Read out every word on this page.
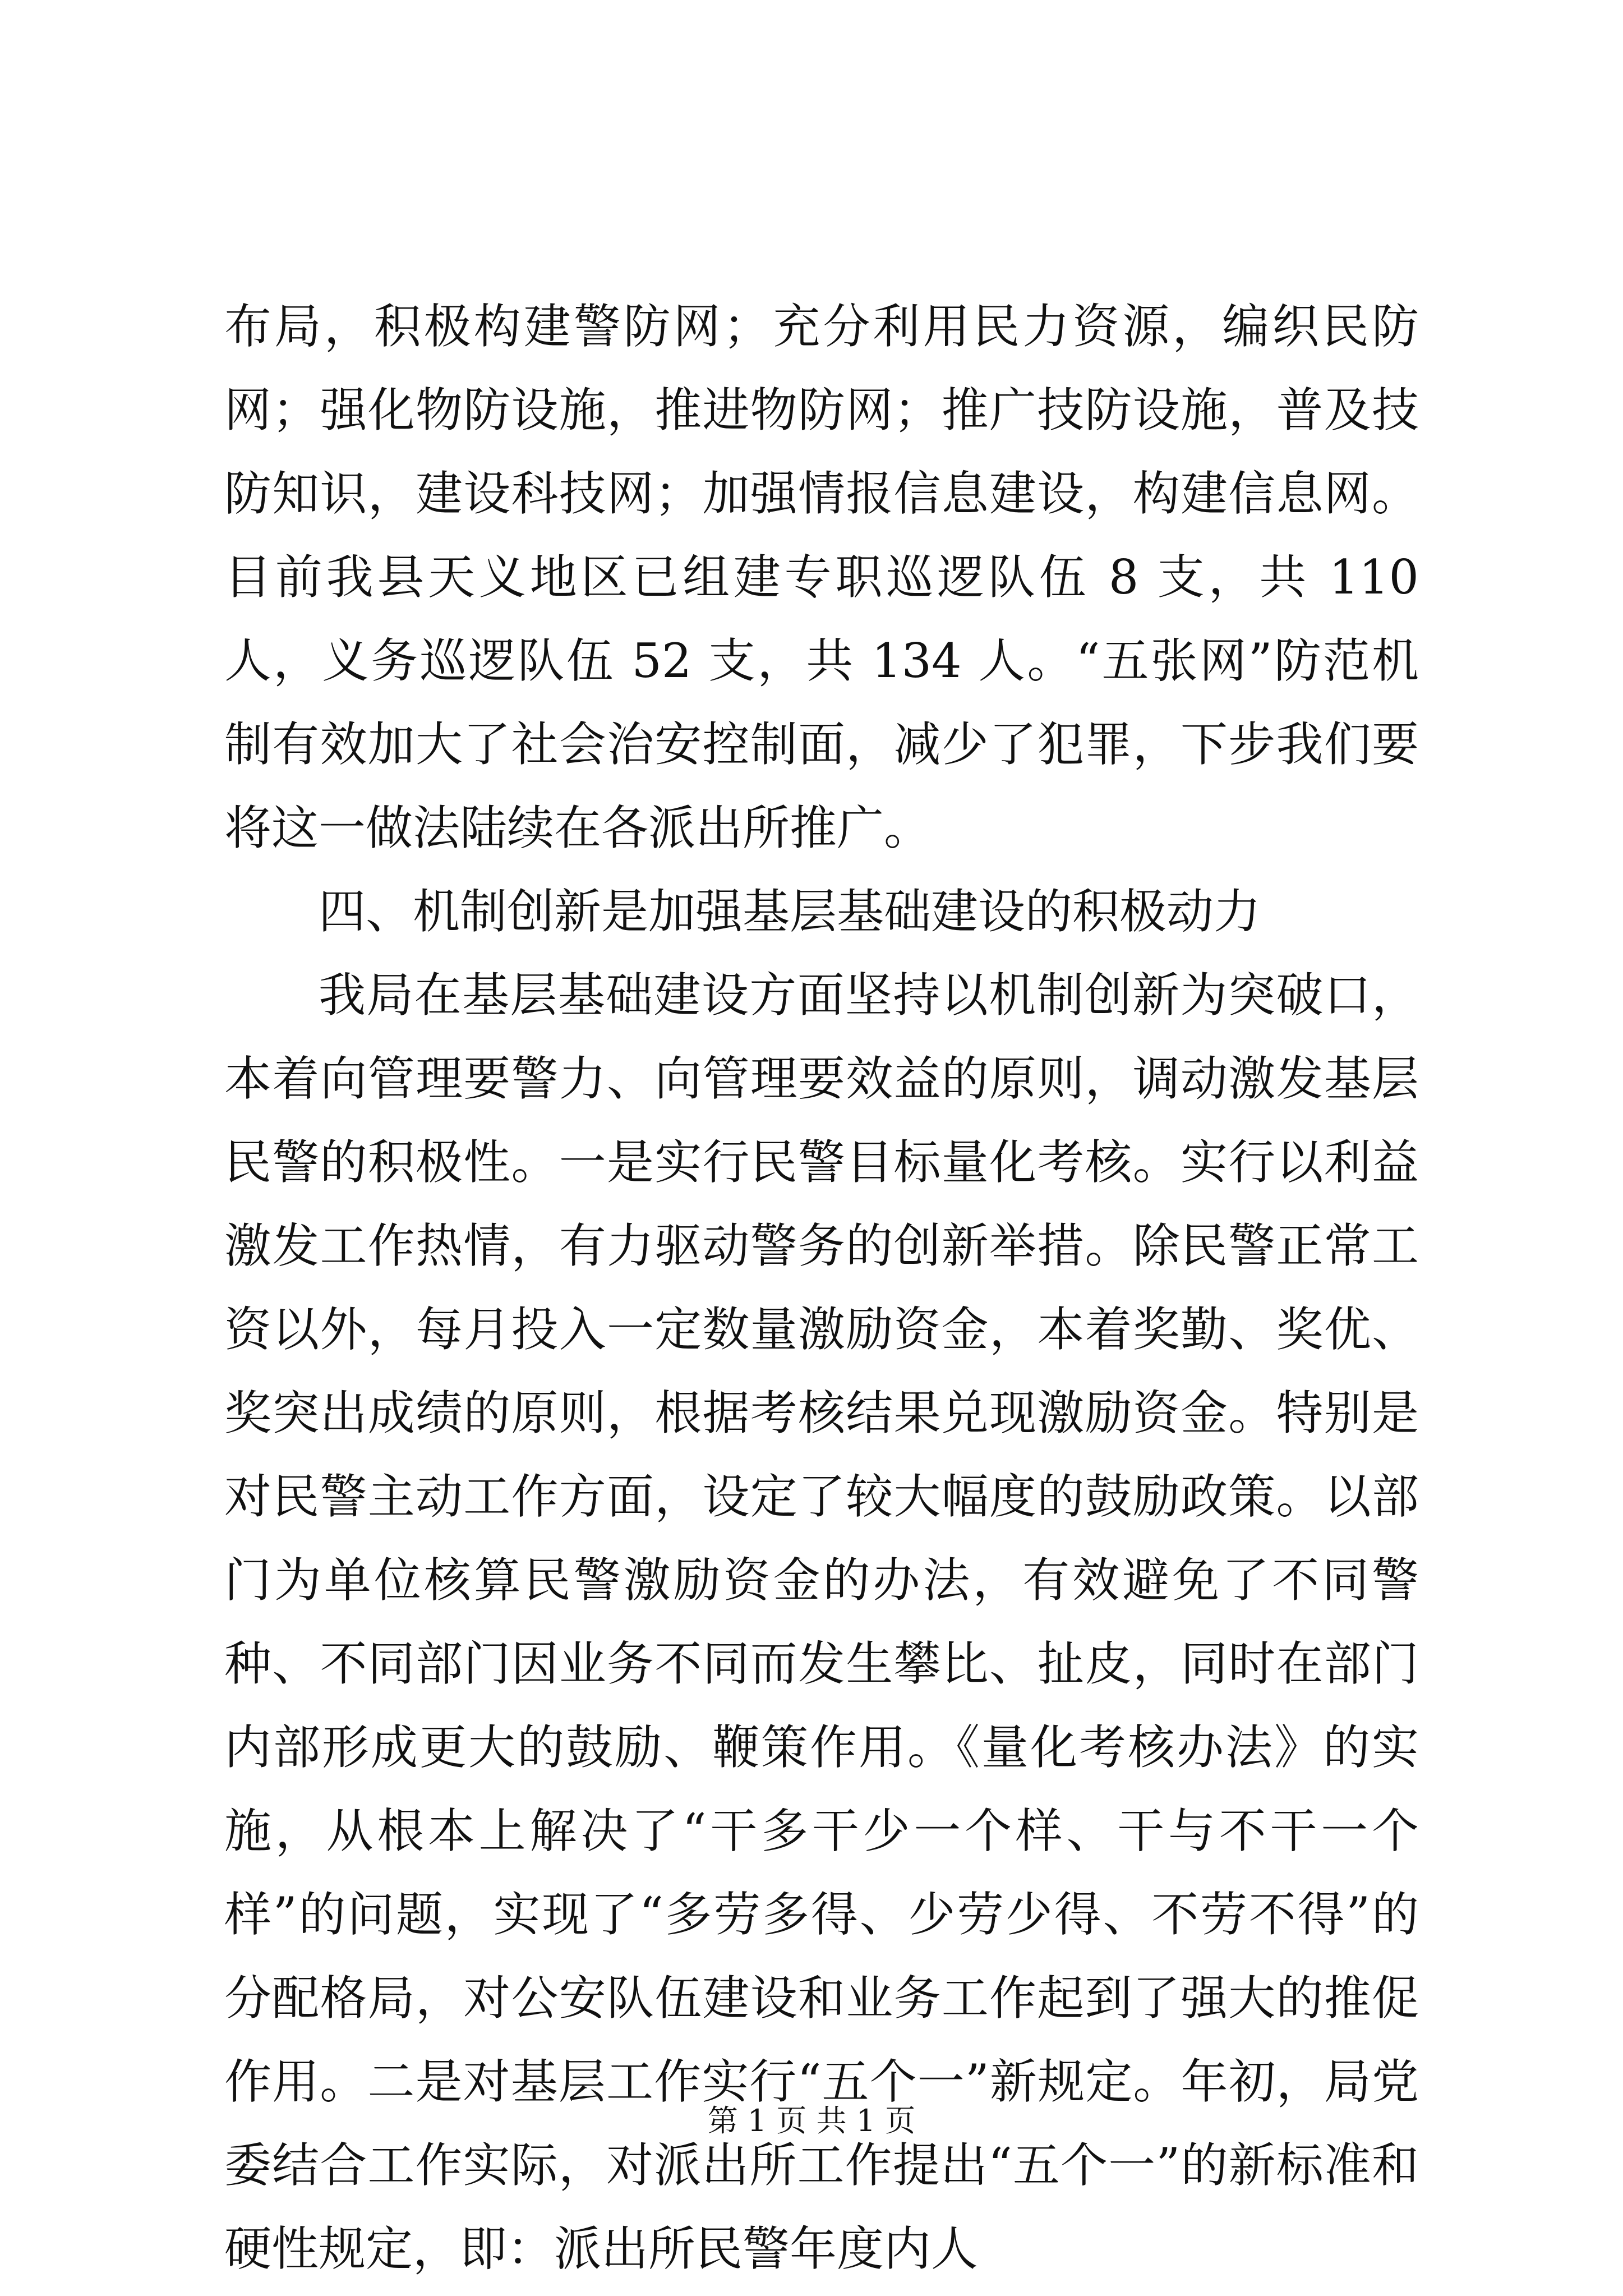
布局，积极构建警防网；充分利用民力资源，编织民防网；强化物防设施，推进物防网；推广技防设施，普及技防知识，建设科技网；加强情报信息建设，构建信息网。目前我县天义地区已组建专职巡逻队伍 8 支，共 110 人，义务巡逻队伍 52 支，共 134 人。“五张网”防范机制有效加大了社会治安控制面，减少了犯罪，下步我们要将这一做法陆续在各派出所推广。

四、机制创新是加强基层基础建设的积极动力

我局在基层基础建设方面坚持以机制创新为突破口，本着向管理要警力、向管理要效益的原则，调动激发基层民警的积极性。一是实行民警目标量化考核。实行以利益激发工作热情，有力驱动警务的创新举措。除民警正常工资以外，每月投入一定数量激励资金，本着奖勤、奖优、奖突出成绩的原则，根据考核结果兑现激励资金。特别是对民警主动工作方面，设定了较大幅度的鼓励政策。以部门为单位核算民警激励资金的办法，有效避免了不同警种、不同部门因业务不同而发生攀比、扯皮，同时在部门内部形成更大的鼓励、鞭策作用。《量化考核办法》的实施，从根本上解决了“干多干少一个样、干与不干一个样”的问题，实现了“多劳多得、少劳少得、不劳不得”的分配格局，对公安队伍建设和业务工作起到了强大的推促作用。二是对基层工作实行“五个一”新规定。年初，局党委结合工作实际，对派出所工作提出“五个一”的新标准和硬性规定，即：派出所民警年度内人

第 1 页 共 1 页
